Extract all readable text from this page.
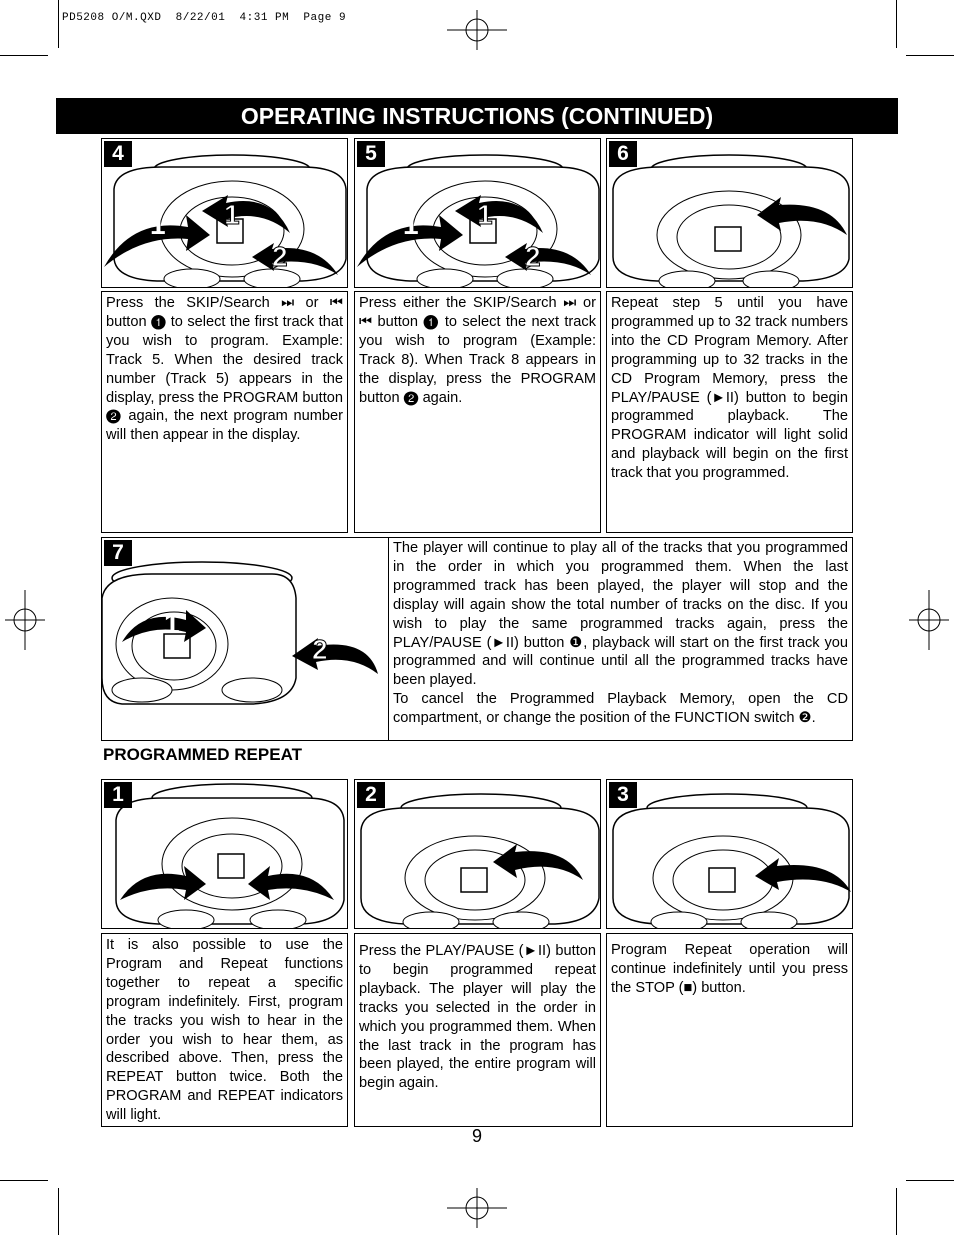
PD5208 O/M.QXD  8/22/01  4:31 PM  Page 9
OPERATING INSTRUCTIONS (CONTINUED)
4
1 1
2
5
1 1
2
6
Press the SKIP/Search ⏭ or ⏮ button ❶ to select the first track that you wish to program. Example: Track 5. When the desired track number (Track 5) appears in the display, press the PROGRAM button ❷ again, the next program number will then appear in the display.
Press either the SKIP/Search ⏭ or ⏮ button ❶ to select the next track you wish to program (Example: Track 8). When Track 8 appears in the display, press the PROGRAM button ❷ again.
Repeat step 5 until you have programmed up to 32 track numbers into the CD Program Memory. After programming up to 32 tracks in the CD Program Memory, press the PLAY/PAUSE (►II) button to begin programmed playback. The PROGRAM indicator will light solid and playback will begin on the first track that you programmed.
7
1
2
The player will continue to play all of the tracks that you programmed in the order in which you programmed them. When the last programmed track has been played, the player will stop and the display will again show the total number of tracks on the disc. If you wish to play the same programmed tracks again, press the PLAY/PAUSE (►II) button ❶, playback will start on the first track you programmed and will continue until all the programmed tracks have been played.
To cancel the Programmed Playback Memory, open the CD compartment, or change the position of the FUNCTION switch ❷.
PROGRAMMED REPEAT
1	2	3
It is also possible to use the Program and Repeat functions together to repeat a specific program indefinitely. First, program the tracks you wish to hear in the order you wish to hear them, as described above. Then, press the REPEAT button twice. Both the PROGRAM and REPEAT indicators will light.
Press the PLAY/PAUSE (►II) button to begin programmed repeat playback. The player will play the tracks you selected in the order in which you programmed them. When the last track in the program has been played, the entire program will begin again.
Program Repeat operation will continue indefinitely until you press the STOP (■) button.
9
